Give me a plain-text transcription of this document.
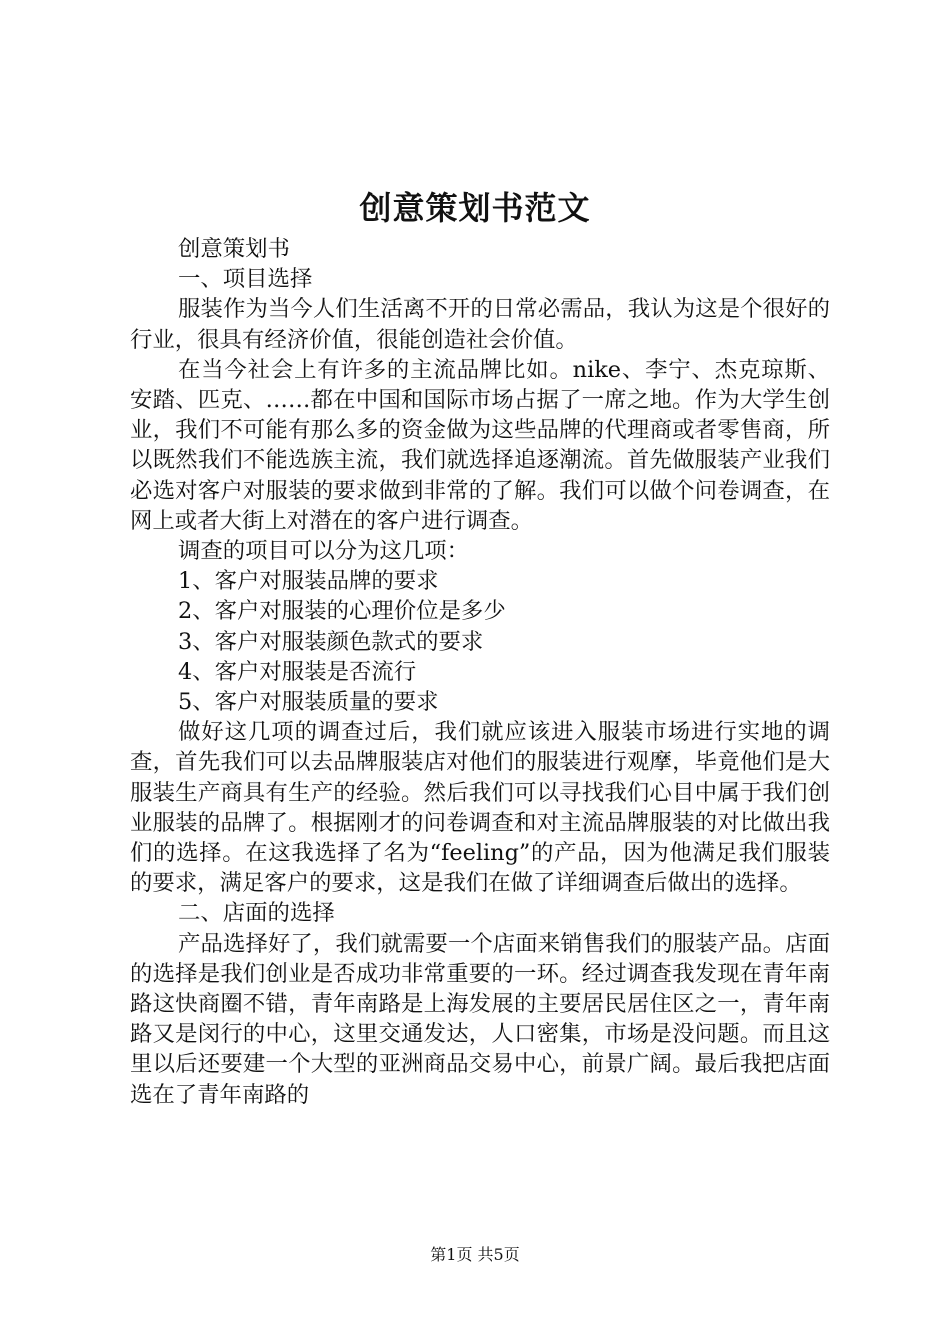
创意策划书范文

创意策划书

一、项目选择

服装作为当今人们生活离不开的日常必需品，我认为这是个很好的行业，很具有经济价值，很能创造社会价值。

在当今社会上有许多的主流品牌比如。nike、李宁、杰克琼斯、安踏、匹克、……都在中国和国际市场占据了一席之地。作为大学生创业，我们不可能有那么多的资金做为这些品牌的代理商或者零售商，所以既然我们不能选族主流，我们就选择追逐潮流。首先做服装产业我们必选对客户对服装的要求做到非常的了解。我们可以做个问卷调查，在网上或者大街上对潜在的客户进行调查。

调查的项目可以分为这几项：

1、客户对服装品牌的要求

2、客户对服装的心理价位是多少

3、客户对服装颜色款式的要求

4、客户对服装是否流行

5、客户对服装质量的要求

做好这几项的调查过后，我们就应该进入服装市场进行实地的调查，首先我们可以去品牌服装店对他们的服装进行观摩，毕竟他们是大服装生产商具有生产的经验。然后我们可以寻找我们心目中属于我们创业服装的品牌了。根据刚才的问卷调查和对主流品牌服装的对比做出我们的选择。在这我选择了名为“feeling”的产品，因为他满足我们服装的要求，满足客户的要求，这是我们在做了详细调查后做出的选择。

二、店面的选择

产品选择好了，我们就需要一个店面来销售我们的服装产品。店面的选择是我们创业是否成功非常重要的一环。经过调查我发现在青年南路这快商圈不错，青年南路是上海发展的主要居民居住区之一，青年南路又是闵行的中心，这里交通发达，人口密集，市场是没问题。而且这里以后还要建一个大型的亚洲商品交易中心，前景广阔。最后我把店面选在了青年南路的

第1页 共5页
